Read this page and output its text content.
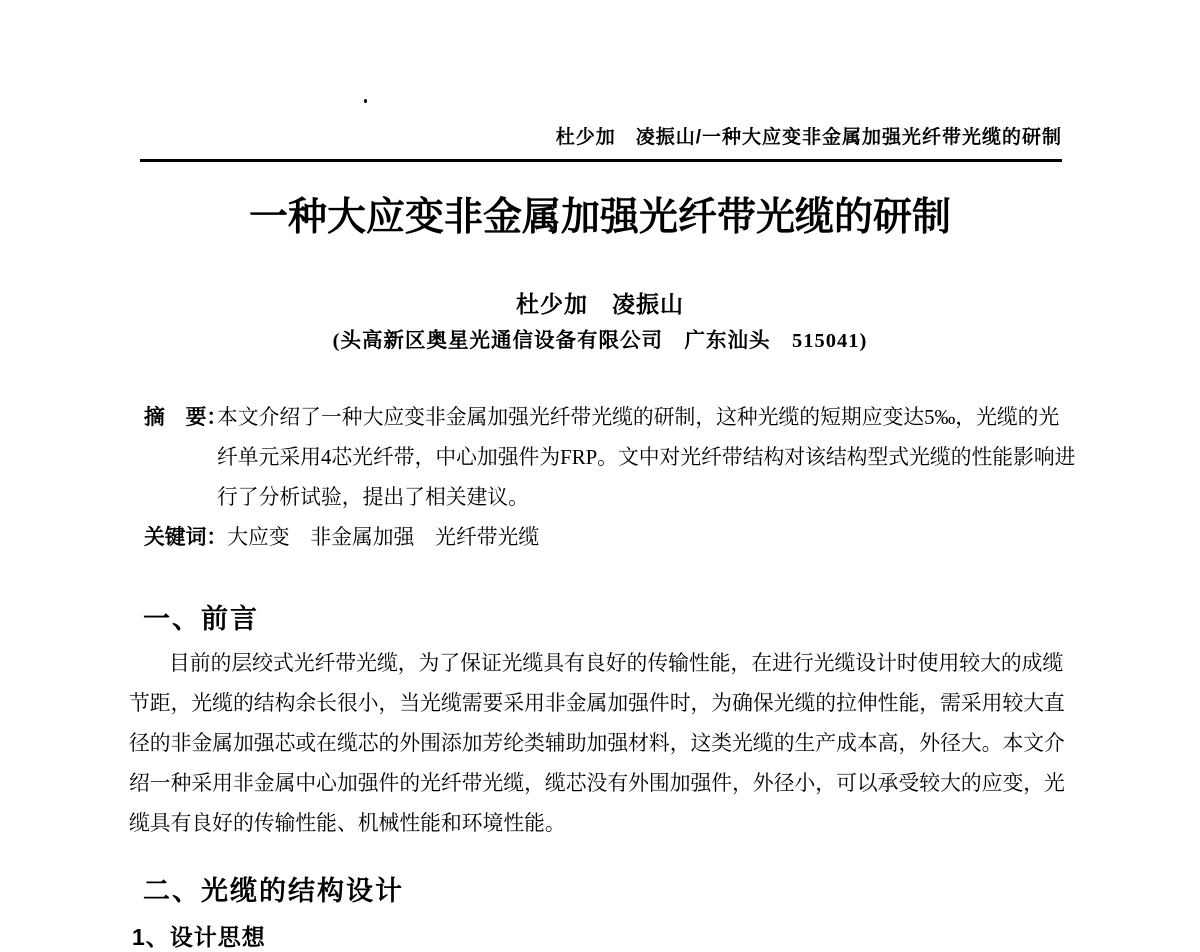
杜少加　凌振山/一种大应变非金属加强光纤带光缆的研制
一种大应变非金属加强光纤带光缆的研制
杜少加　凌振山
(头高新区奥星光通信设备有限公司　广东汕头　515041)
摘　要：
本文介绍了一种大应变非金属加强光纤带光缆的研制，这种光缆的短期应变达5‰，光缆的光
纤单元采用4芯光纤带，中心加强件为FRP。文中对光纤带结构对该结构型式光缆的性能影响进
行了分析试验，提出了相关建议。
关键词：大应变　非金属加强　光纤带光缆
一、前言
目前的层绞式光纤带光缆，为了保证光缆具有良好的传输性能，在进行光缆设计时使用较大的成缆
节距，光缆的结构余长很小，当光缆需要采用非金属加强件时，为确保光缆的拉伸性能，需采用较大直
径的非金属加强芯或在缆芯的外围添加芳纶类辅助加强材料，这类光缆的生产成本高，外径大。本文介
绍一种采用非金属中心加强件的光纤带光缆，缆芯没有外围加强件，外径小，可以承受较大的应变，光
缆具有良好的传输性能、机械性能和环境性能。
二、光缆的结构设计
1、设计思想
